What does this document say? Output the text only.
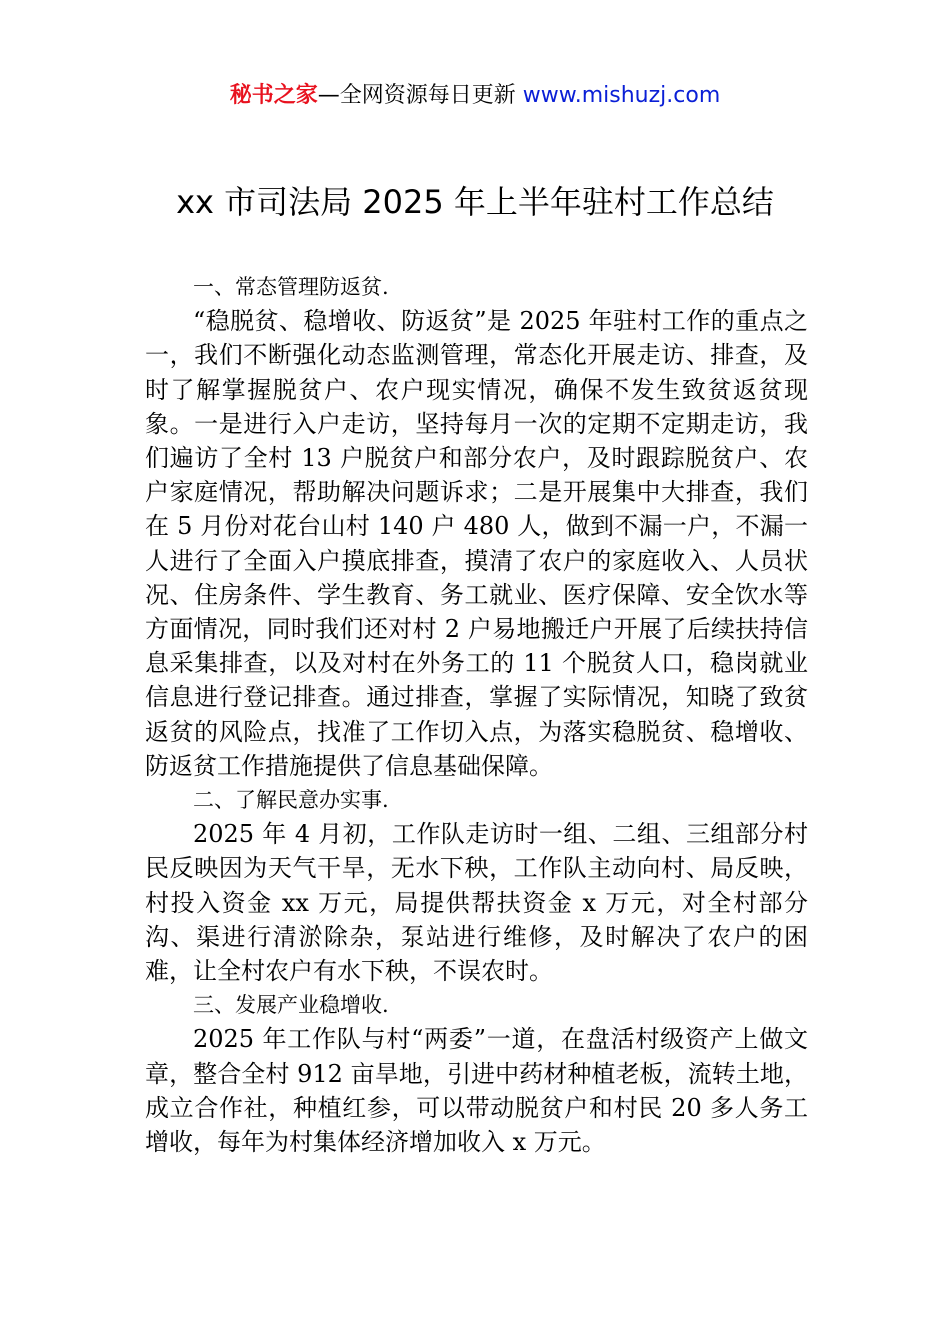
秘书之家—全网资源每日更新 www.mishuzj.com
xx 市司法局 2025 年上半年驻村工作总结

一、常态管理防返贫.

“稳脱贫、稳增收、防返贫”是 2025 年驻村工作的重点之一，我们不断强化动态监测管理，常态化开展走访、排查，及时了解掌握脱贫户、农户现实情况，确保不发生致贫返贫现象。一是进行入户走访，坚持每月一次的定期不定期走访，我们遍访了全村 13 户脱贫户和部分农户，及时跟踪脱贫户、农户家庭情况，帮助解决问题诉求；二是开展集中大排查，我们在 5 月份对花台山村 140 户 480 人，做到不漏一户，不漏一人进行了全面入户摸底排查，摸清了农户的家庭收入、人员状况、住房条件、学生教育、务工就业、医疗保障、安全饮水等方面情况，同时我们还对村 2 户易地搬迁户开展了后续扶持信息采集排查，以及对村在外务工的 11 个脱贫人口，稳岗就业信息进行登记排查。通过排查，掌握了实际情况，知晓了致贫返贫的风险点，找准了工作切入点，为落实稳脱贫、稳增收、防返贫工作措施提供了信息基础保障。

二、了解民意办实事.

2025 年 4 月初，工作队走访时一组、二组、三组部分村民反映因为天气干旱，无水下秧，工作队主动向村、局反映，村投入资金 xx 万元，局提供帮扶资金 x 万元，对全村部分沟、渠进行清淤除杂，泵站进行维修，及时解决了农户的困难，让全村农户有水下秧，不误农时。

三、发展产业稳增收.

2025 年工作队与村“两委”一道，在盘活村级资产上做文章，整合全村 912 亩旱地，引进中药材种植老板，流转土地，成立合作社，种植红参，可以带动脱贫户和村民 20 多人务工增收，每年为村集体经济增加收入 x 万元。
